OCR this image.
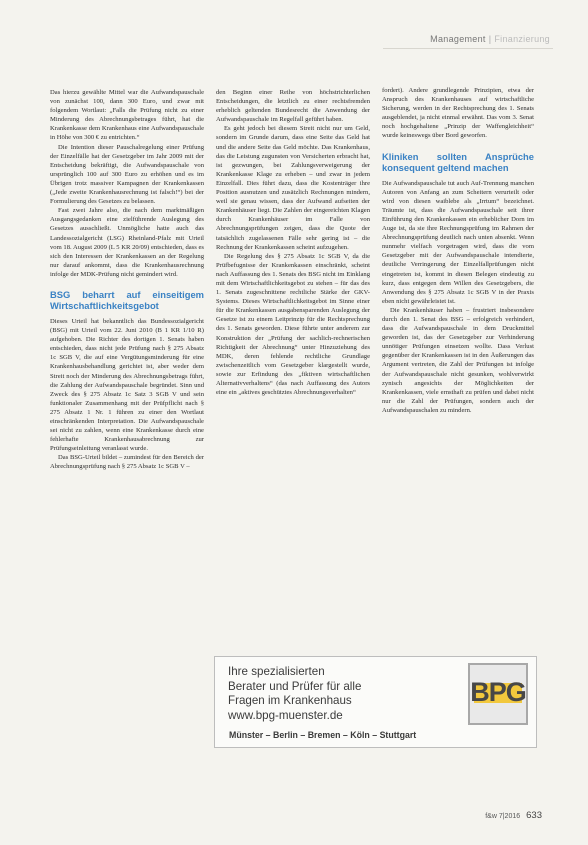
Management | Finanzierung

Das hierzu gewählte Mittel war die Aufwandspauschale von zunächst 100, dann 300 Euro, und zwar mit folgendem Wortlaut: „Falls die Prüfung nicht zu einer Minderung des Abrechnungsbetrages führt, hat die Krankenkasse dem Krankenhaus eine Aufwandspauschale in Höhe von 300 € zu entrichten.“

Die Intention dieser Pauschalregelung einer Prüfung der Einzelfälle hat der Gesetzgeber im Jahr 2009 mit der Entscheidung bekräftigt, die Aufwandspauschale von ursprünglich 100 auf 300 Euro zu erhöhen und es im Übrigen trotz massiver Kampagnen der Krankenkassen („Jede zweite Krankenhausrechnung ist falsch!“) bei der Formulierung des Gesetzes zu belassen.

Fast zwei Jahre also, die nach dem marktmäßigen Ausgangsgedanken eine zielführende Auslegung des Gesetzes ausschließt. Unmögliche hatte auch das Landessozialgericht (LSG) Rheinland-Pfalz mit Urteil vom 18. August 2009 (L 5 KR 20/09) entschieden, dass es sich den Interessen der Krankenkassen an der Regelung nur darauf ankommt, dass die Krankenhausrechnung infolge der MDK-Prüfung nicht gemindert wird.

BSG beharrt auf einseitigem Wirtschaftlichkeitsgebot

Dieses Urteil hat bekanntlich das Bundessozialgericht (BSG) mit Urteil vom 22. Juni 2010 (B 1 KR 1/10 R) aufgehoben. Die Richter des dortigen 1. Senats haben entschieden, dass nicht jede Prüfung nach § 275 Absatz 1c SGB V, die auf eine Vergütungsminderung für eine Krankenhausbehandlung gerichtet ist, aber weder dem Streit noch der Minderung des Abrechnungsbetrags führt, die Zahlung der Aufwandspauschale begründet. Sinn und Zweck des § 275 Absatz 1c Satz 3 SGB V und sein funktionaler Zusammenhang mit der Prüfpflicht nach § 275 Absatz 1 Nr. 1 führen zu einer den Wortlaut einschränkenden Interpretation. Die Aufwandspauschale sei nicht zu zahlen, wenn eine Krankenkasse durch eine fehlerhafte Krankenhausabrechnung zur Prüfungseinleitung veranlasst wurde.

Das BSG-Urteil bildet – zumindest für den Bereich der Abrechnungsprüfung nach § 275 Absatz 1c SGB V –

den Beginn einer Reihe von höchstrichterlichen Entscheidungen, die letztlich zu einer rechtsfremden erheblich geltenden Bundesrecht die Anwendung der Aufwandspauschale im Regelfall geführt haben.

Es geht jedoch bei diesem Streit nicht nur um Geld, sondern im Grunde darum, dass eine Seite das Geld hat und die andere Seite das Geld möchte. Das Krankenhaus, das die Leistung zugunsten von Versicherten erbracht hat, ist gezwungen, bei Zahlungsverweigerung der Krankenkasse Klage zu erheben – und zwar in jedem Einzelfall. Dies führt dazu, dass die Kostenträger ihre Position ausnutzen und zusätzlich Rechnungen mindern, weil sie genau wissen, dass der Aufwand aufseiten der Krankenhäuser liegt. Die Zahlen der eingereichten Klagen durch Krankenhäuser im Falle von Abrechnungsprüfungen zeigen, dass die Quote der tatsächlich zugelassenen Fälle sehr gering ist – die Rechnung der Krankenkassen scheint aufzugehen.

Die Regelung des § 275 Absatz 1c SGB V, da die Prüfbefugnisse der Krankenkassen einschränkt, scheint nach Auffassung des 1. Senats des BSG nicht im Einklang mit dem Wirtschaftlichkeitsgebot zu stehen – für das des 1. Senats zugeschnittene rechtliche Stärke der GKV-Systems. Dieses Wirtschaftlichkeitsgebot im Sinne einer für die Krankenkassen ausgabensparenden Auslegung der Gesetze ist zu einem Leitprinzip für die Rechtsprechung des 1. Senats geworden. Diese führte unter anderem zur Konstruktion der „Prüfung der sachlich-rechnerischen Richtigkeit der Abrechnung“ unter Hinzuziehung des MDK, deren fehlende rechtliche Grundlage zwischenzeitlich vom Gesetzgeber klargestellt wurde, sowie zur Erfindung des „fiktiven wirtschaftlichen Alternativverhaltens“ (das nach Auffassung des Autors eine ein „aktives geschütztes Abrechnungsverhalten“

fordert). Andere grundlegende Prinzipien, etwa der Anspruch des Krankenhauses auf wirtschaftliche Sicherung, werden in der Rechtsprechung des 1. Senats ausgeblendet, ja nicht einmal erwähnt. Das vom 3. Senat noch hochgehaltene „Prinzip der Waffengleichheit“ wurde keineswegs über Bord geworfen.

Kliniken sollten Ansprüche konsequent geltend machen

Die Aufwandspauschale tut auch Auf-Trennung manchen Autoren von Anfang an zum Scheitern verurteilt oder wird von diesen waiblebe als „Irrtum“ bezeichnet. Träumte ist, dass die Aufwandspauschale seit ihrer Einführung den Krankenkassen ein erheblicher Dorn im Auge ist, da sie ihre Rechnungsprüfung im Rahmen der Abrechnungsprüfung deutlich nach unten absenkt. Wenn nunmehr vielfach vorgetragen wird, dass die vom Gesetzgeber mit der Aufwandspauschale intendierte, deutliche Verringerung der Einzelfallprüfungen nicht eingetreten ist, kommt in diesen Belegen eindeutig zu kurz, dass entgegen dem Willen des Gesetzgebers, die Anwendung des § 275 Absatz 1c SGB V in der Praxis eben nicht gewährleistet ist.

Die Krankenhäuser haben – frustriert insbesondere durch den 1. Senat des BSG – erfolgreich verhindert, dass die Aufwandspauschale in dem Druckmittel geworden ist, das der Gesetzgeber zur Verhinderung unnötiger Prüfungen einsetzen wollte. Dass Verlust gegenüber der Krankenkassen ist in den Äußerungen das Argument vertreten, die Zahl der Prüfungen ist infolge der Aufwandspauschale nicht gesunken, wohlverwirkt zynisch angesichts der Möglichkeiten der Krankenkassen, viele ernsthaft zu prüfen und dabei nicht nur die Zahl der Prüfungen, sondern auch der Aufwandspauschalen zu mindern.

Ihre spezialisierten
Berater und Prüfer für alle
Fragen im Krankenhaus
www.bpg-muenster.de
Münster – Berlin – Bremen – Köln – Stuttgart
BPG
f&w 7|2016 633
